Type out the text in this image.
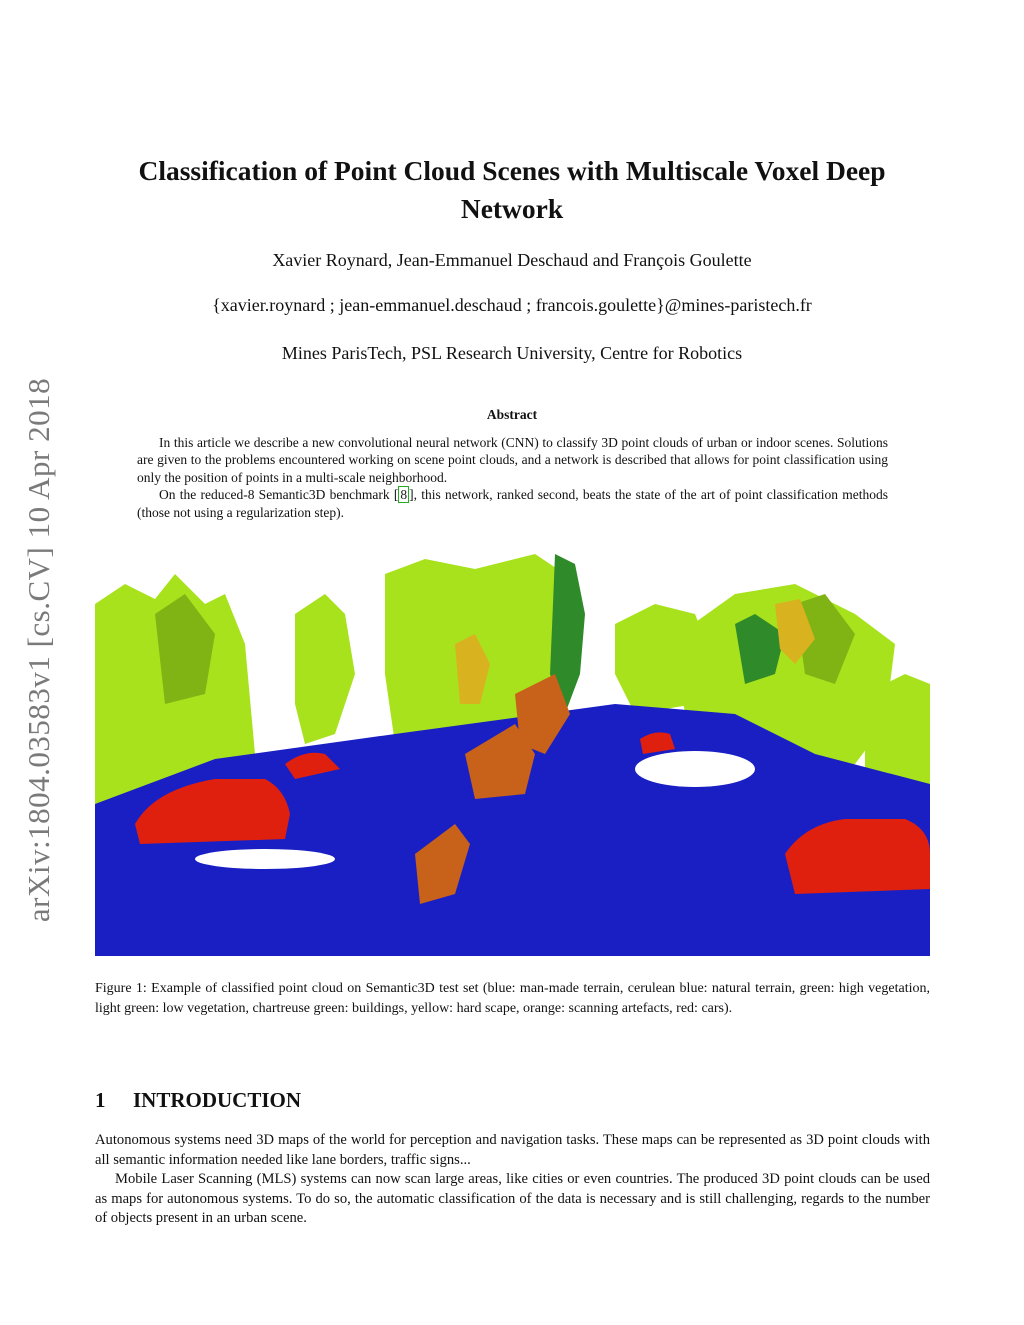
arXiv:1804.03583v1 [cs.CV] 10 Apr 2018
Classification of Point Cloud Scenes with Multiscale Voxel Deep
Network
Xavier Roynard, Jean-Emmanuel Deschaud and François Goulette
{xavier.roynard ; jean-emmanuel.deschaud ; francois.goulette}@mines-paristech.fr
Mines ParisTech, PSL Research University, Centre for Robotics
Abstract

In this article we describe a new convolutional neural network (CNN) to classify 3D point clouds of urban or indoor scenes. Solutions are given to the problems encountered working on scene point clouds, and a network is described that allows for point classification using only the position of points in a multi-scale neighborhood.

On the reduced-8 Semantic3D benchmark [ 8 ], this network, ranked second, beats the state of the art of point classification methods (those not using a regularization step).

Figure 1: Example of classified point cloud on Semantic3D test set (blue: man-made terrain, cerulean blue: natural terrain, green: high vegetation, light green: low vegetation, chartreuse green: buildings, yellow: hard scape, orange: scanning artefacts, red: cars).
1 INTRODUCTION

Autonomous systems need 3D maps of the world for perception and navigation tasks. These maps can be represented as 3D point clouds with all semantic information needed like lane borders, traffic signs...

Mobile Laser Scanning (MLS) systems can now scan large areas, like cities or even countries. The produced 3D point clouds can be used as maps for autonomous systems. To do so, the automatic classification of the data is necessary and is still challenging, regards to the number of objects present in an urban scene.
